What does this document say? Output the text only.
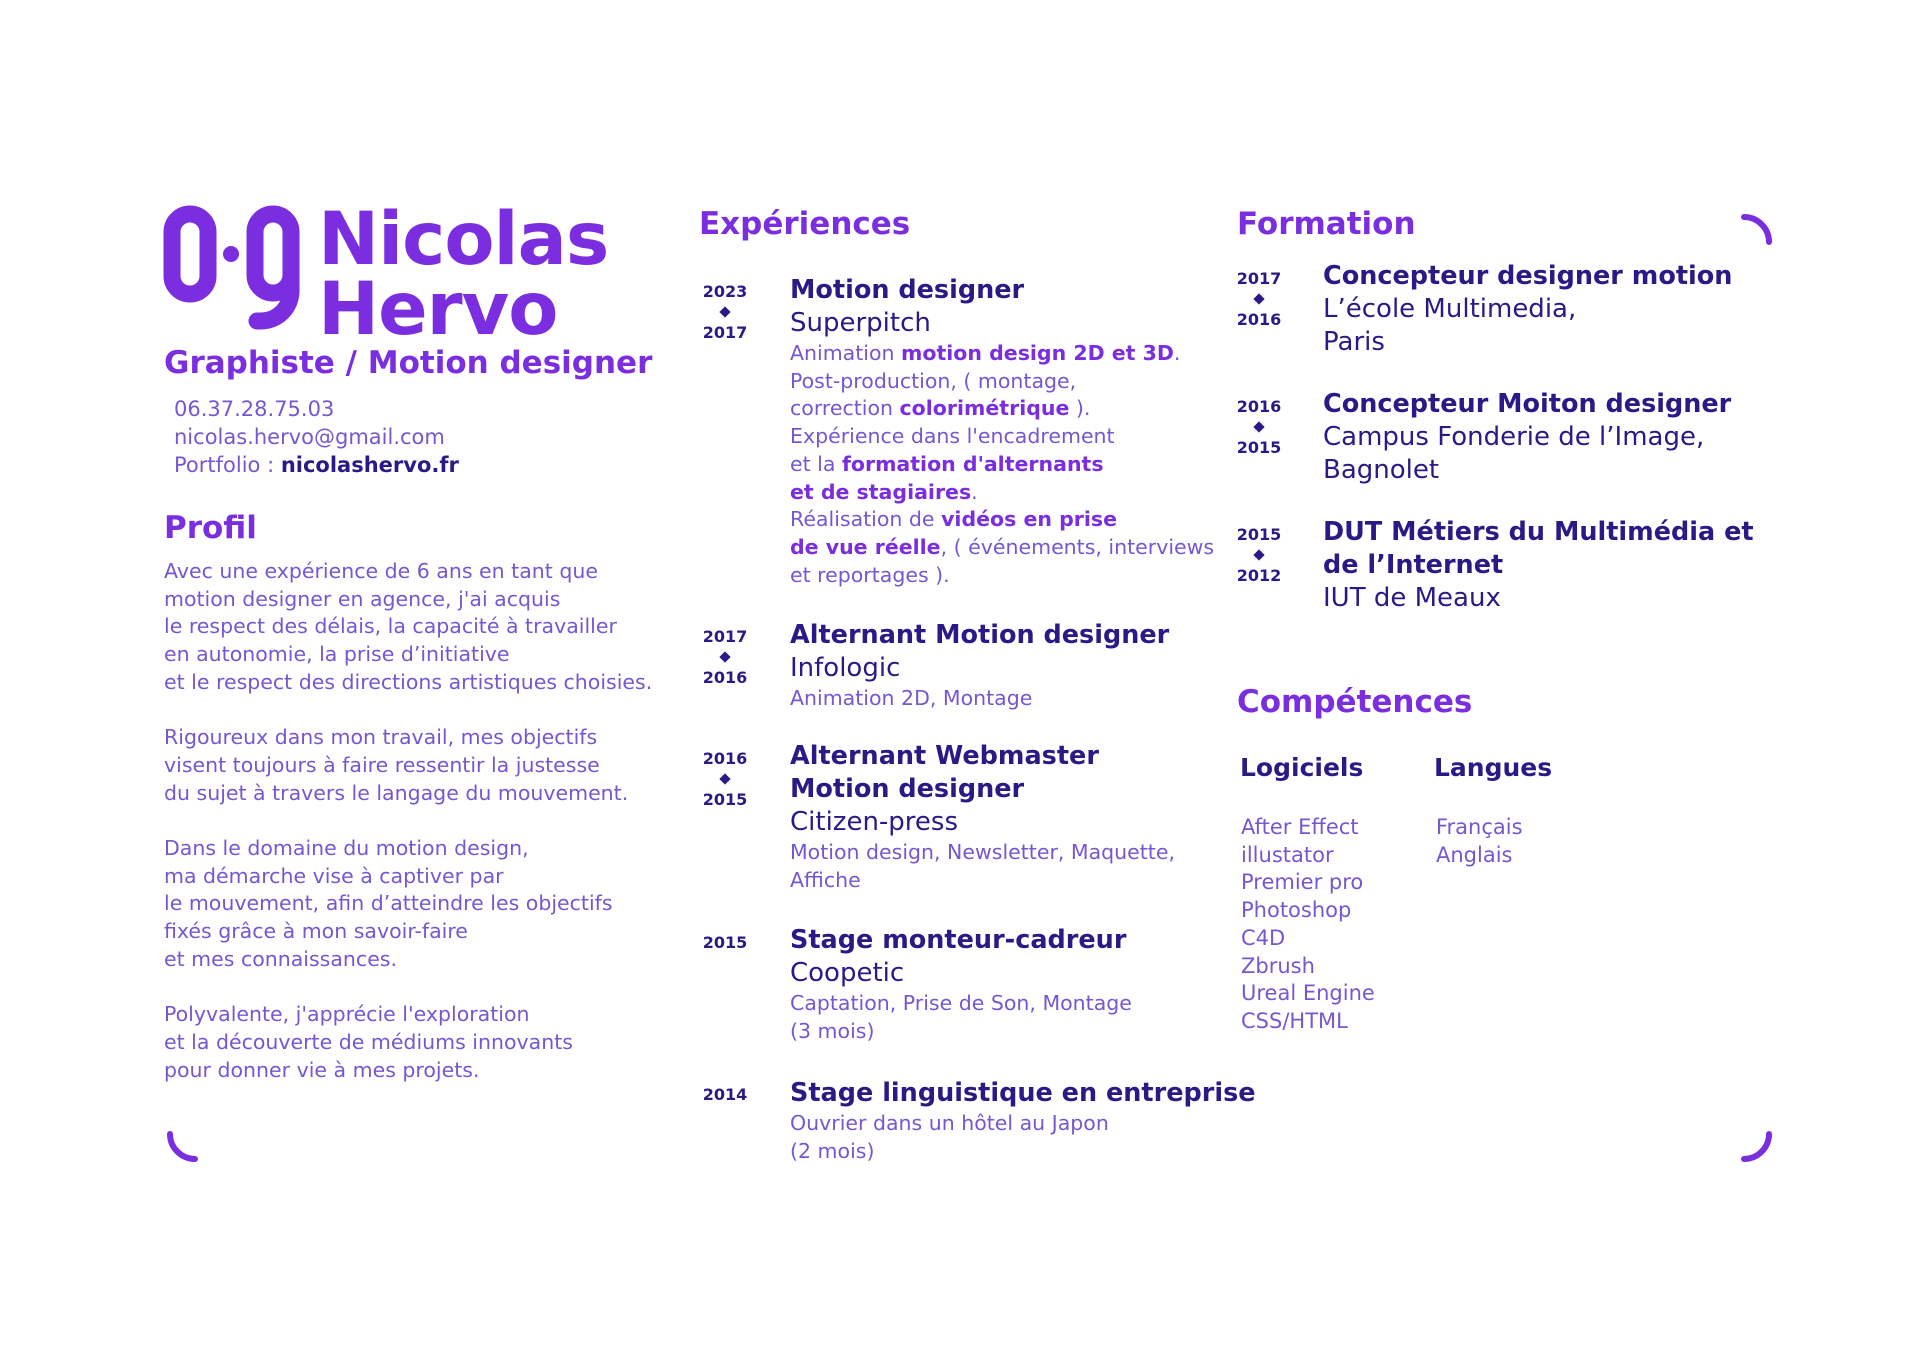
Nicolas
Hervo
Graphiste / Motion designer
06.37.28.75.03
nicolas.hervo@gmail.com
Portfolio : nicolashervo.fr
Profil

Avec une expérience de 6 ans en tant que
motion designer en agence, j'ai acquis
le respect des délais, la capacité à travailler
en autonomie, la prise d’initiative
et le respect des directions artistiques choisies.

Rigoureux dans mon travail, mes objectifs
visent toujours à faire ressentir la justesse
du sujet à travers le langage du mouvement.

Dans le domaine du motion design,
ma démarche vise à captiver par
le mouvement, afin d’atteindre les objectifs
fixés grâce à mon savoir-faire
et mes connaissances.

Polyvalente, j'apprécie l'exploration
et la découverte de médiums innovants
pour donner vie à mes projets.

Expériences
2023
2017
Motion designer
Superpitch
Animation motion design 2D et 3D.
Post-production, ( montage,
correction colorimétrique ).
Expérience dans l'encadrement
et la formation d'alternants
et de stagiaires.
Réalisation de vidéos en prise
de vue réelle, ( événements, interviews
et reportages ).
2017
2016
Alternant Motion designer
Infologic
Animation 2D, Montage
2016
2015
Alternant Webmaster
Motion designer
Citizen-press
Motion design, Newsletter, Maquette,
Affiche
2015	Stage monteur-cadreur
Coopetic
Captation, Prise de Son, Montage
(3 mois)
2014	Stage linguistique en entreprise
Ouvrier dans un hôtel au Japon
(2 mois)
Formation
2017
2016
Concepteur designer motion
L’école Multimedia,
Paris
2016
2015
Concepteur Moiton designer
Campus Fonderie de l’Image,
Bagnolet
2015
2012
DUT Métiers du Multimédia et
de l’Internet
IUT de Meaux
Compétences
Logiciels
After Effect
illustator
Premier pro
Photoshop
C4D
Zbrush
Ureal Engine
CSS/HTML
Langues
Français
Anglais
